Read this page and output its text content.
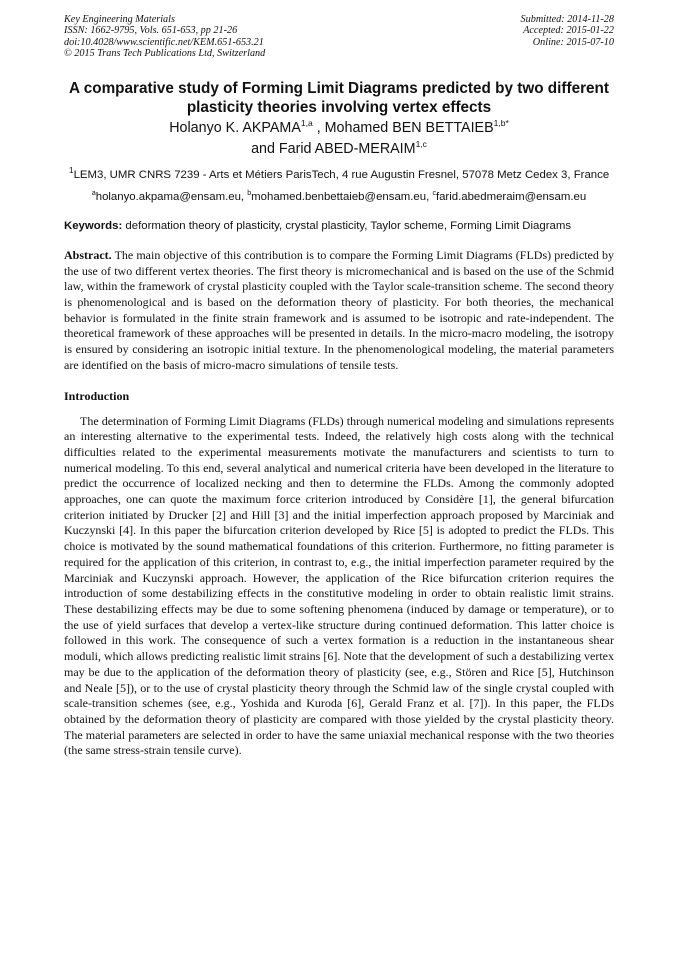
Key Engineering Materials
ISSN: 1662-9795, Vols. 651-653, pp 21-26
doi:10.4028/www.scientific.net/KEM.651-653.21
© 2015 Trans Tech Publications Ltd, Switzerland
Submitted: 2014-11-28
Accepted: 2015-01-22
Online: 2015-07-10
A comparative study of Forming Limit Diagrams predicted by two different plasticity theories involving vertex effects
Holanyo K. AKPAMA$^{1,a}$ , Mohamed BEN $BETTAIEB^{1,b*}$
and Farid ABED-MERAIM$^{1,c}$
$^1$LEM3, UMR CNRS 7239 - Arts et Métiers ParisTech, 4 rue Augustin Fresnel, 57078 Metz Cedex 3, France
$^a$holanyo.akpama@ensam.eu, $^b$mohamed.benbettaieb@ensam.eu, $^c$farid.abedmeraim@ensam.eu
Keywords: deformation theory of plasticity, crystal plasticity, Taylor scheme, Forming Limit Diagrams
Abstract. The main objective of this contribution is to compare the Forming Limit Diagrams (FLDs) predicted by the use of two different vertex theories. The first theory is micromechanical and is based on the use of the Schmid law, within the framework of crystal plasticity coupled with the Taylor scale-transition scheme. The second theory is phenomenological and is based on the deformation theory of plasticity. For both theories, the mechanical behavior is formulated in the finite strain framework and is assumed to be isotropic and rate-independent. The theoretical framework of these approaches will be presented in details. In the micro-macro modeling, the isotropy is ensured by considering an isotropic initial texture. In the phenomenological modeling, the material parameters are identified on the basis of micro-macro simulations of tensile tests.
Introduction

The determination of Forming Limit Diagrams (FLDs) through numerical modeling and simulations represents an interesting alternative to the experimental tests. Indeed, the relatively high costs along with the technical difficulties related to the experimental measurements motivate the manufacturers and scientists to turn to numerical modeling. To this end, several analytical and numerical criteria have been developed in the literature to predict the occurrence of localized necking and then to determine the FLDs. Among the commonly adopted approaches, one can quote the maximum force criterion introduced by Considère [1], the general bifurcation criterion initiated by Drucker [2] and Hill [3] and the initial imperfection approach proposed by Marciniak and Kuczynski [4]. In this paper the bifurcation criterion developed by Rice [5] is adopted to predict the FLDs. This choice is motivated by the sound mathematical foundations of this criterion. Furthermore, no fitting parameter is required for the application of this criterion, in contrast to, e.g., the initial imperfection parameter required by the Marciniak and Kuczynski approach. However, the application of the Rice bifurcation criterion requires the introduction of some destabilizing effects in the constitutive modeling in order to obtain realistic limit strains. These destabilizing effects may be due to some softening phenomena (induced by damage or temperature), or to the use of yield surfaces that develop a vertex-like structure during continued deformation. This latter choice is followed in this work. The consequence of such a vertex formation is a reduction in the instantaneous shear moduli, which allows predicting realistic limit strains [6]. Note that the development of such a destabilizing vertex may be due to the application of the deformation theory of plasticity (see, e.g., Stören and Rice [5], Hutchinson and Neale [5]), or to the use of crystal plasticity theory through the Schmid law of the single crystal coupled with scale-transition schemes (see, e.g., Yoshida and Kuroda [6], Gerald Franz et al. [7]). In this paper, the FLDs obtained by the deformation theory of plasticity are compared with those yielded by the crystal plasticity theory. The material parameters are selected in order to have the same uniaxial mechanical response with the two theories (the same stress-strain tensile curve).
